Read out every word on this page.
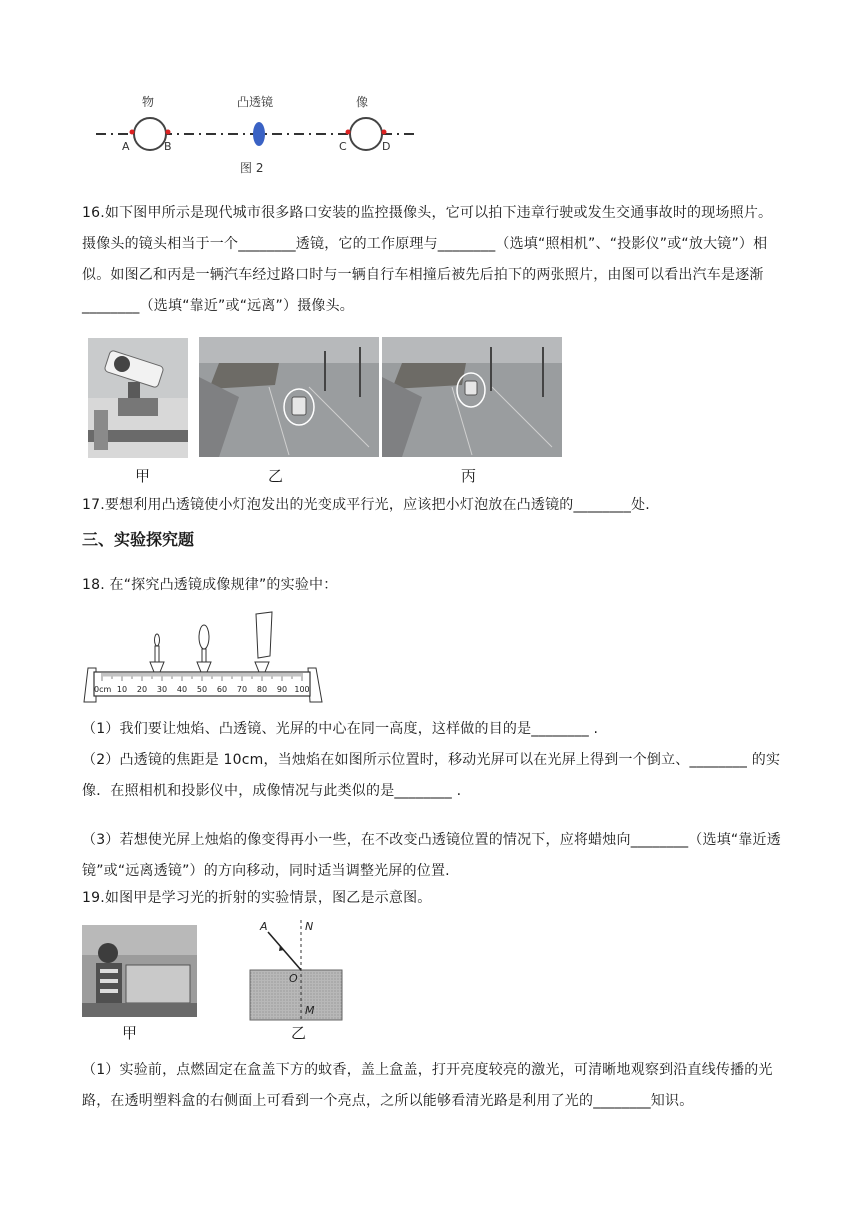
物	凸透镜	像
A	B	C	D
图 2
16.如下图甲所示是现代城市很多路口安装的监控摄像头，它可以拍下违章行驶或发生交通事故时的现场照片。摄像头的镜头相当于一个________透镜，它的工作原理与________（选填“照相机”、“投影仪”或“放大镜”）相似。如图乙和丙是一辆汽车经过路口时与一辆自行车相撞后被先后拍下的两张照片，由图可以看出汽车是逐渐________（选填“靠近”或“远离”）摄像头。
甲	乙	丙
17.要想利用凸透镜使小灯泡发出的光变成平行光，应该把小灯泡放在凸透镜的________处.
三、实验探究题
18. 在“探究凸透镜成像规律”的实验中：
0cm 10 20 30 40 50 60 70 80 90 100
（1）我们要让烛焰、凸透镜、光屏的中心在同一高度，这样做的目的是________ .
（2）凸透镜的焦距是 10cm，当烛焰在如图所示位置时，移动光屏可以在光屏上得到一个倒立、________ 的实像．在照相机和投影仪中，成像情况与此类似的是________ .
（3）若想使光屏上烛焰的像变得再小一些，在不改变凸透镜位置的情况下，应将蜡烛向________（选填“靠近透镜”或“远离透镜”）的方向移动，同时适当调整光屏的位置.
19.如图甲是学习光的折射的实验情景，图乙是示意图。
A	N
O
M
甲	乙
（1）实验前，点燃固定在盒盖下方的蚊香，盖上盒盖，打开亮度较亮的激光，可清晰地观察到沿直线传播的光路，在透明塑料盒的右侧面上可看到一个亮点，之所以能够看清光路是利用了光的________知识。
